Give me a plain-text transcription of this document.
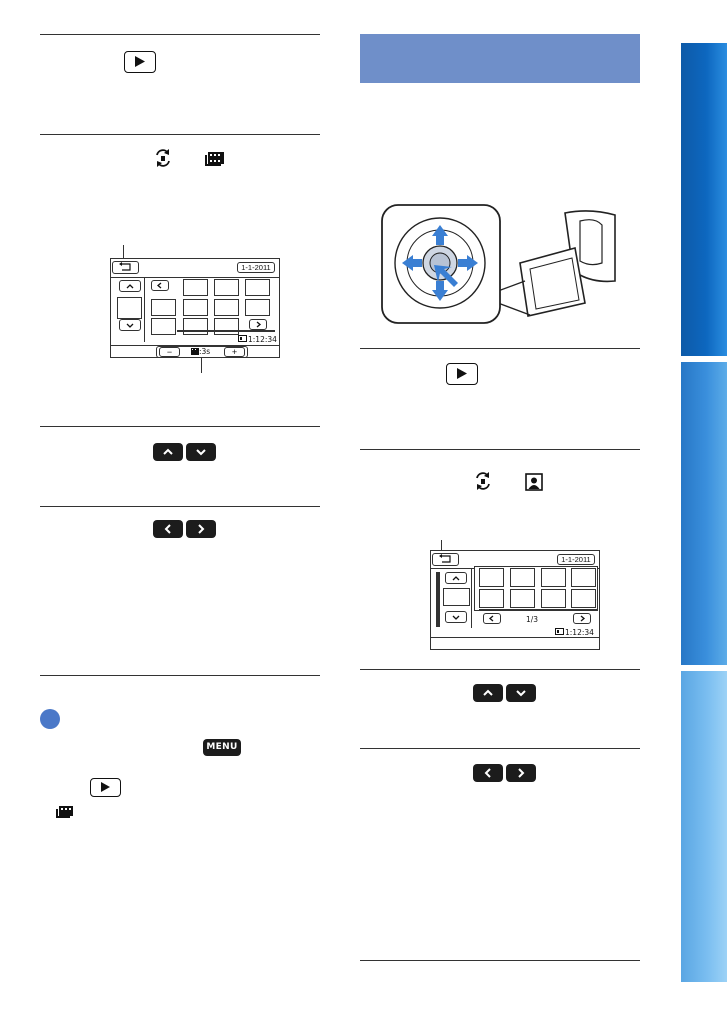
1-1-2011
1:12:34
−	:3s	+
MENU
1-1-2011
1/3
1:12:34
